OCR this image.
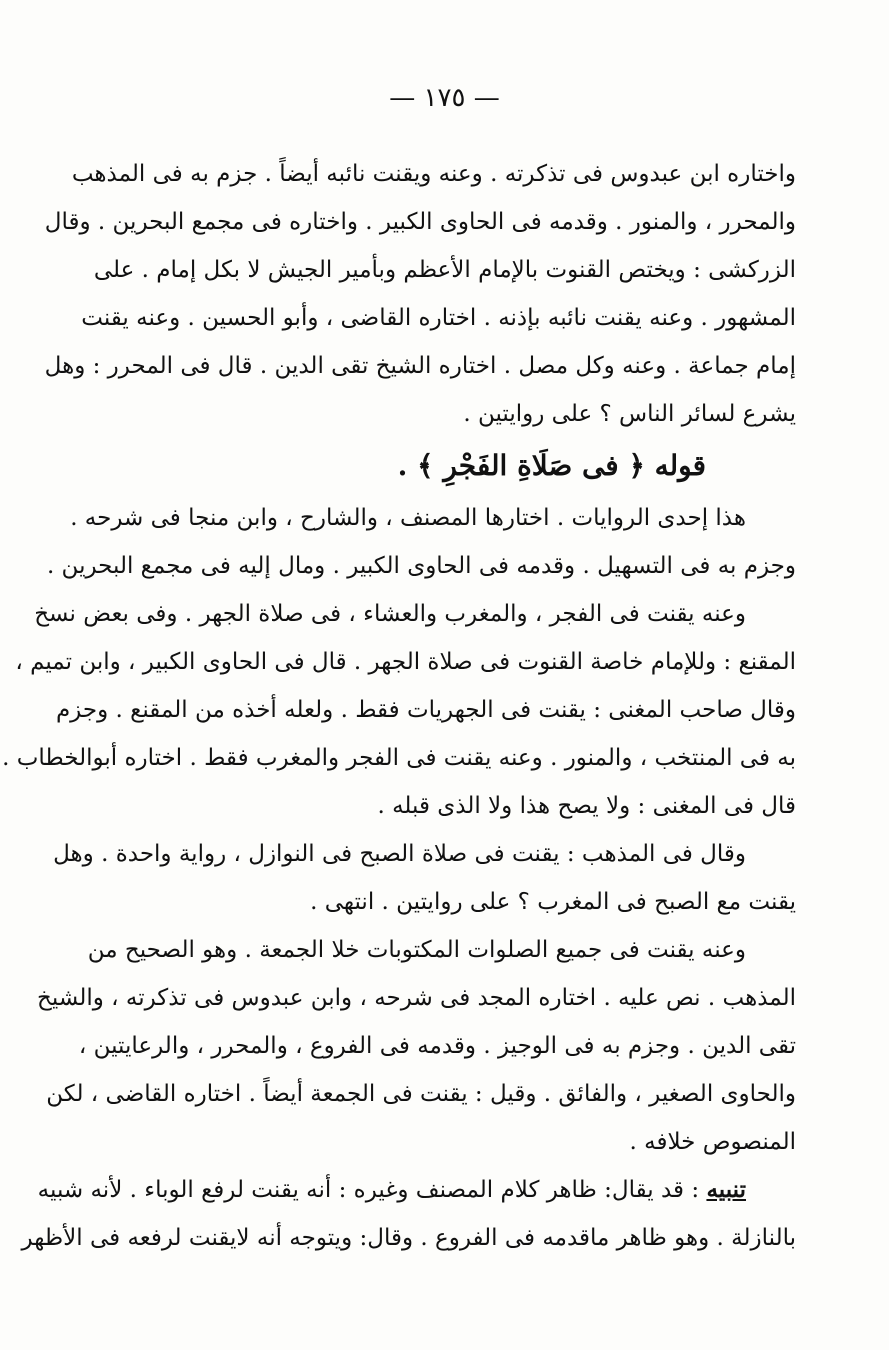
— ١٧٥ —
واختاره ابن عبدوس فى تذكرته . وعنه ويقنت نائبه أيضاً . جزم به فى المذهب
والمحرر ، والمنور . وقدمه فى الحاوى الكبير . واختاره فى مجمع البحرين . وقال
الزركشى : ويختص القنوت بالإمام الأعظم وبأمير الجيش لا بكل إمام . على
المشهور . وعنه يقنت نائبه بإذنه . اختاره القاضى ، وأبو الحسين . وعنه يقنت
إمام جماعة . وعنه وكل مصل . اختاره الشيخ تقى الدين . قال فى المحرر : وهل
يشرع لسائر الناس ؟ على روايتين .
قوله ﴿ فى صَلَاةِ الفَجْرِ ﴾ .
هذا إحدى الروايات . اختارها المصنف ، والشارح ، وابن منجا فى شرحه .
وجزم به فى التسهيل . وقدمه فى الحاوى الكبير . ومال إليه فى مجمع البحرين .
وعنه يقنت فى الفجر ، والمغرب والعشاء ، فى صلاة الجهر . وفى بعض نسخ
المقنع : وللإمام خاصة القنوت فى صلاة الجهر . قال فى الحاوى الكبير ، وابن تميم ،
وقال صاحب المغنى : يقنت فى الجهريات فقط . ولعله أخذه من المقنع . وجزم
به فى المنتخب ، والمنور . وعنه يقنت فى الفجر والمغرب فقط . اختاره أبوالخطاب .
قال فى المغنى : ولا يصح هذا ولا الذى قبله .
وقال فى المذهب : يقنت فى صلاة الصبح فى النوازل ، رواية واحدة . وهل
يقنت مع الصبح فى المغرب ؟ على روايتين . انتهى .
وعنه يقنت فى جميع الصلوات المكتوبات خلا الجمعة . وهو الصحيح من
المذهب . نص عليه . اختاره المجد فى شرحه ، وابن عبدوس فى تذكرته ، والشيخ
تقى الدين . وجزم به فى الوجيز . وقدمه فى الفروع ، والمحرر ، والرعايتين ،
والحاوى الصغير ، والفائق . وقيل : يقنت فى الجمعة أيضاً . اختاره القاضى ، لكن
المنصوص خلافه .
تنبيه : قد يقال: ظاهر كلام المصنف وغيره : أنه يقنت لرفع الوباء . لأنه شبيه
بالنازلة . وهو ظاهر ماقدمه فى الفروع . وقال: ويتوجه أنه لايقنت لرفعه فى الأظهر
